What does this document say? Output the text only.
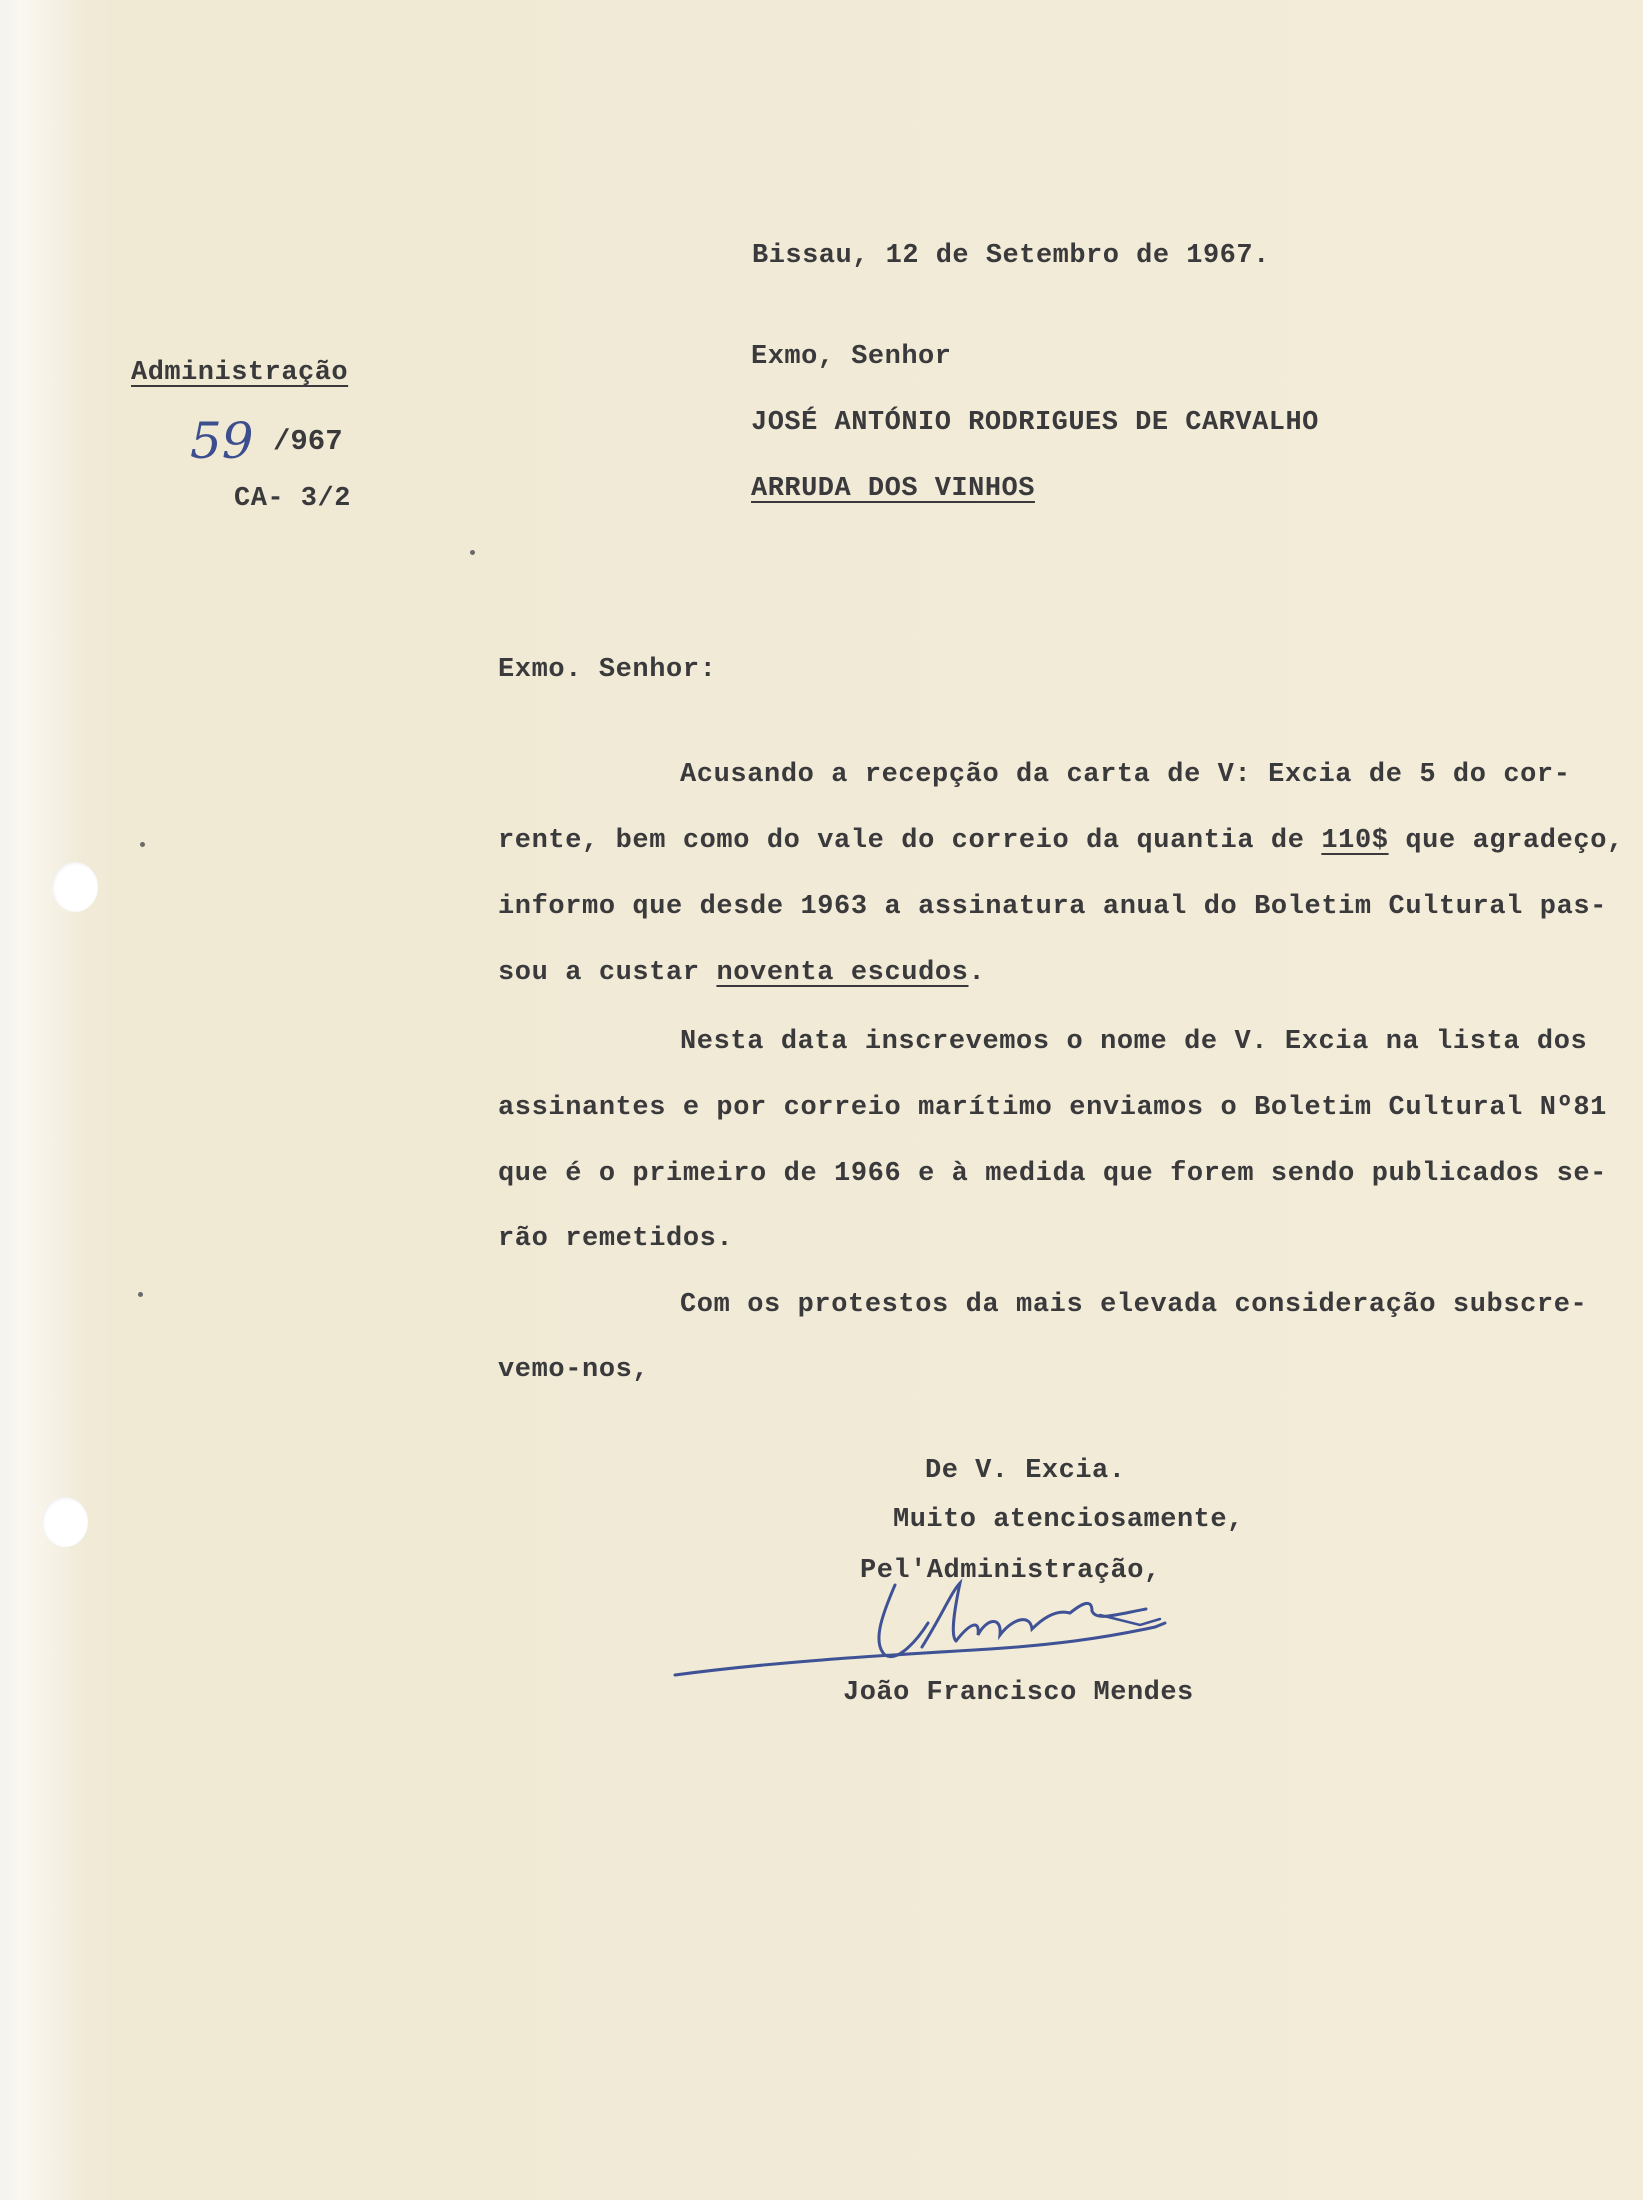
Administração
59 /967
CA- 3/2
Bissau, 12 de Setembro de 1967.
Exmo, Senhor
JOSÉ ANTÓNIO RODRIGUES DE CARVALHO
ARRUDA DOS VINHOS
Exmo. Senhor:
Acusando a recepção da carta de V: Excia de 5 do cor-
rente, bem como do vale do correio da quantia de 110$ que agradeço,
informo que desde 1963 a assinatura anual do Boletim Cultural pas-
sou a custar noventa escudos.
Nesta data inscrevemos o nome de V. Excia na lista dos
assinantes e por correio marítimo enviamos o Boletim Cultural Nº81
que é o primeiro de 1966 e à medida que forem sendo publicados se-
rão remetidos.
Com os protestos da mais elevada consideração subscre-
vemo-nos,
De V. Excia.
Muito atenciosamente,
Pel'Administração,
João Francisco Mendes
